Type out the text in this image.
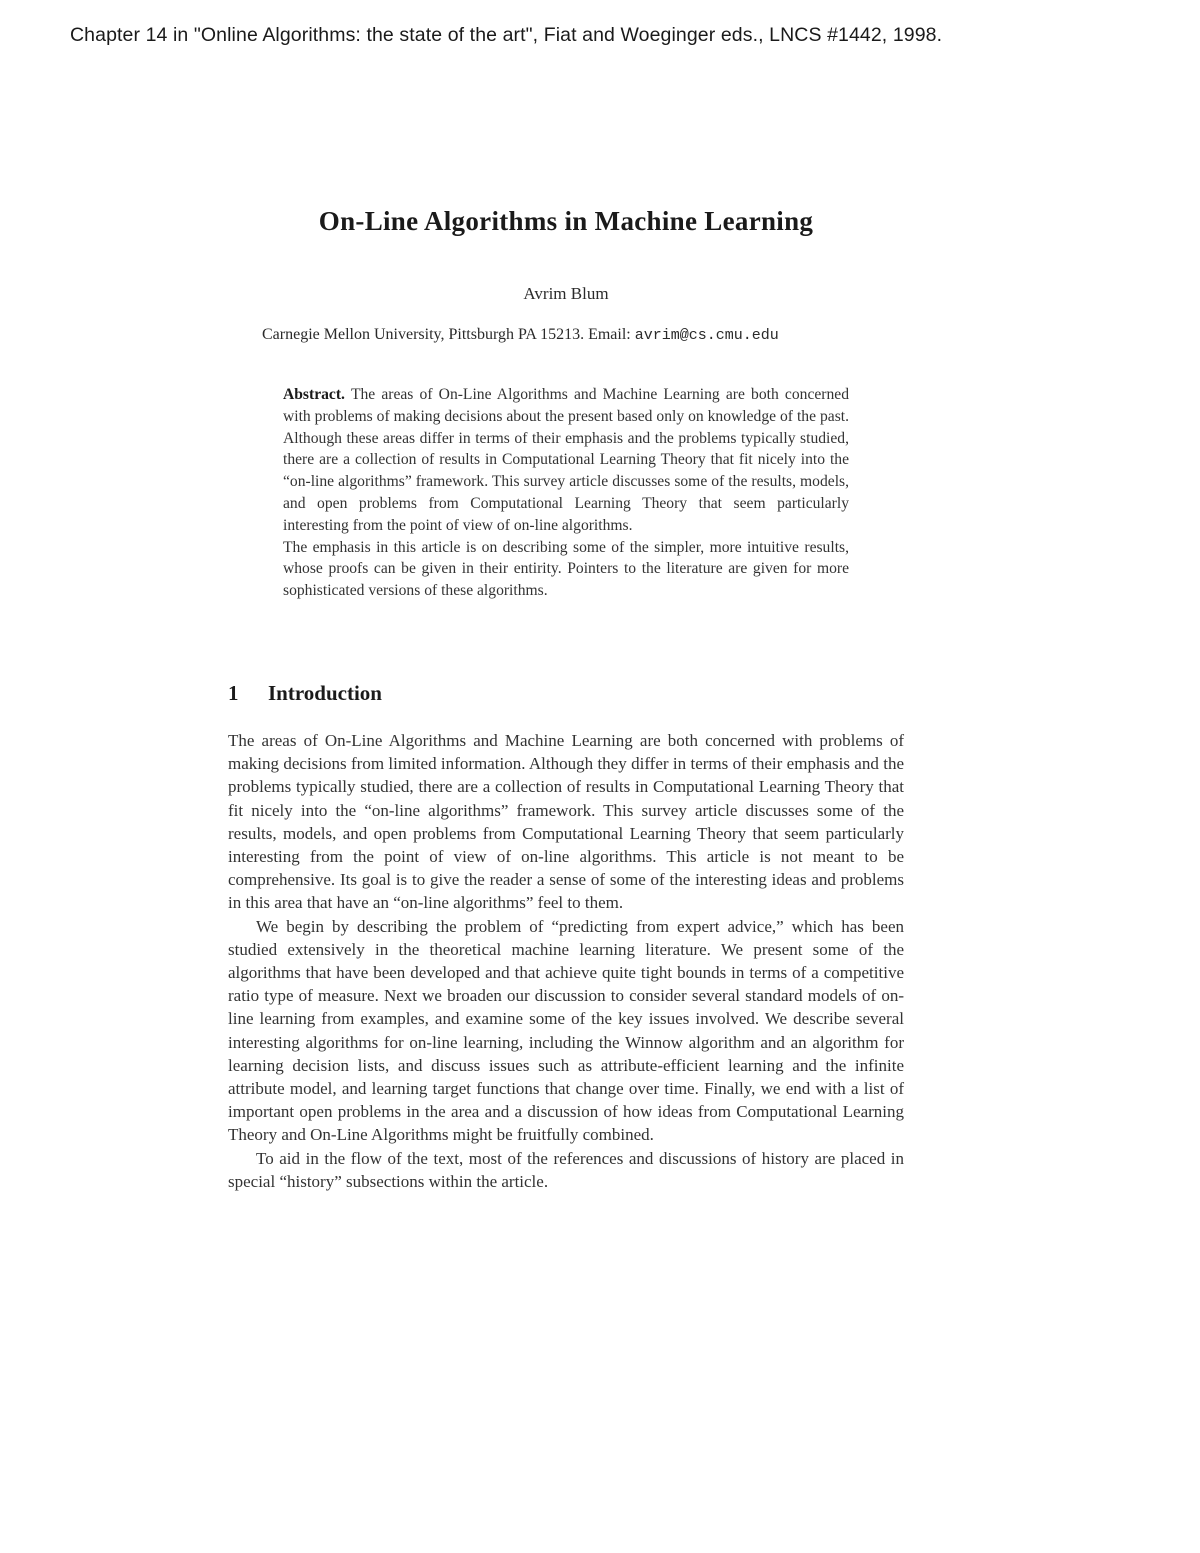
Chapter 14 in "Online Algorithms: the state of the art", Fiat and Woeginger eds., LNCS #1442, 1998.
On-Line Algorithms in Machine Learning
Avrim Blum
Carnegie Mellon University, Pittsburgh PA 15213. Email: avrim@cs.cmu.edu

Abstract. The areas of On-Line Algorithms and Machine Learning are both concerned with problems of making decisions about the present based only on knowledge of the past. Although these areas differ in terms of their emphasis and the problems typically studied, there are a collection of results in Computational Learning Theory that fit nicely into the “on-line algorithms” framework. This survey article discusses some of the results, models, and open problems from Computational Learning Theory that seem particularly interesting from the point of view of on-line algorithms.

The emphasis in this article is on describing some of the simpler, more intuitive results, whose proofs can be given in their entirity. Pointers to the literature are given for more sophisticated versions of these algorithms.

1 Introduction

The areas of On-Line Algorithms and Machine Learning are both concerned with problems of making decisions from limited information. Although they differ in terms of their emphasis and the problems typically studied, there are a collection of results in Computational Learning Theory that fit nicely into the “on-line algorithms” framework. This survey article discusses some of the results, models, and open problems from Computational Learning Theory that seem particularly interesting from the point of view of on-line algorithms. This article is not meant to be comprehensive. Its goal is to give the reader a sense of some of the interesting ideas and problems in this area that have an “on-line algorithms” feel to them.

We begin by describing the problem of “predicting from expert advice,” which has been studied extensively in the theoretical machine learning literature. We present some of the algorithms that have been developed and that achieve quite tight bounds in terms of a competitive ratio type of measure. Next we broaden our discussion to consider several standard models of on-line learning from examples, and examine some of the key issues involved. We describe several interesting algorithms for on-line learning, including the Winnow algorithm and an algorithm for learning decision lists, and discuss issues such as attribute-efficient learning and the infinite attribute model, and learning target functions that change over time. Finally, we end with a list of important open problems in the area and a discussion of how ideas from Computational Learning Theory and On-Line Algorithms might be fruitfully combined.

To aid in the flow of the text, most of the references and discussions of history are placed in special “history” subsections within the article.
